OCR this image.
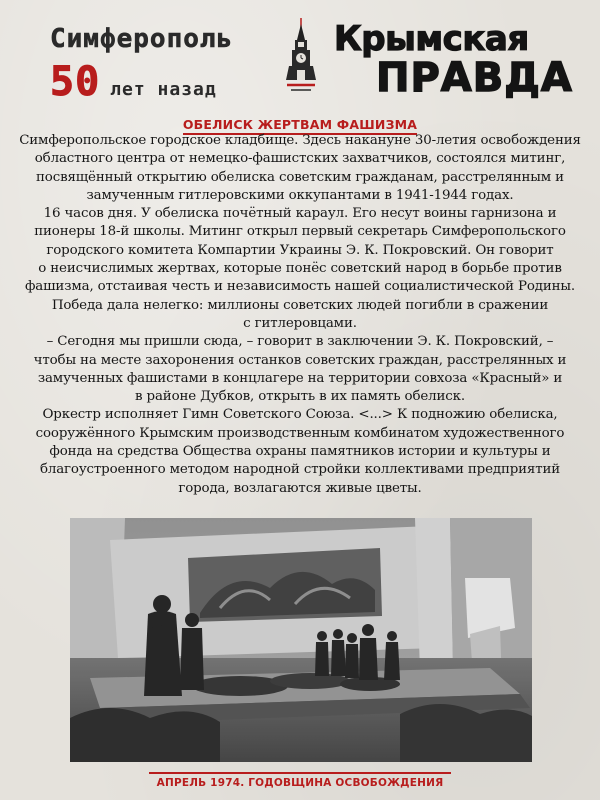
Симферополь
50 лет назад
Крымская
ПРАВДА
ОБЕЛИСК ЖЕРТВАМ ФАШИЗМА
Симферопольское городское кладбище. Здесь накануне 30-летия освобождения
областного центра от немецко-фашистских захватчиков, состоялся митинг,
посвящённый открытию обелиска советским гражданам, расстрелянным и
замученным гитлеровскими оккупантами в 1941-1944 годах.
16 часов дня. У обелиска почётный караул. Его несут воины гарнизона и
пионеры 18-й школы. Митинг открыл первый секретарь Симферопольского
городского комитета Компартии Украины Э. К. Покровский. Он говорит
о неисчислимых жертвах, которые понёс советский народ в борьбе против
фашизма, отстаивая честь и независимость нашей социалистической Родины.
Победа дала нелегко: миллионы советских людей погибли в сражении
с гитлеровцами.
– Сегодня мы пришли сюда, – говорит в заключении Э. К. Покровский, –
чтобы на месте захоронения останков советских граждан, расстрелянных и
замученных фашистами в концлагере на территории совхоза «Красный» и
в районе Дубков, открыть в их память обелиск.
Оркестр исполняет Гимн Советского Союза. <...> К подножию обелиска,
сооружённого Крымским производственным комбинатом художественного
фонда на средства Общества охраны памятников истории и культуры и
благоустроенного методом народной стройки коллективами предприятий
города, возлагаются живые цветы.
АПРЕЛЬ 1974. ГОДОВЩИНА ОСВОБОЖДЕНИЯ
